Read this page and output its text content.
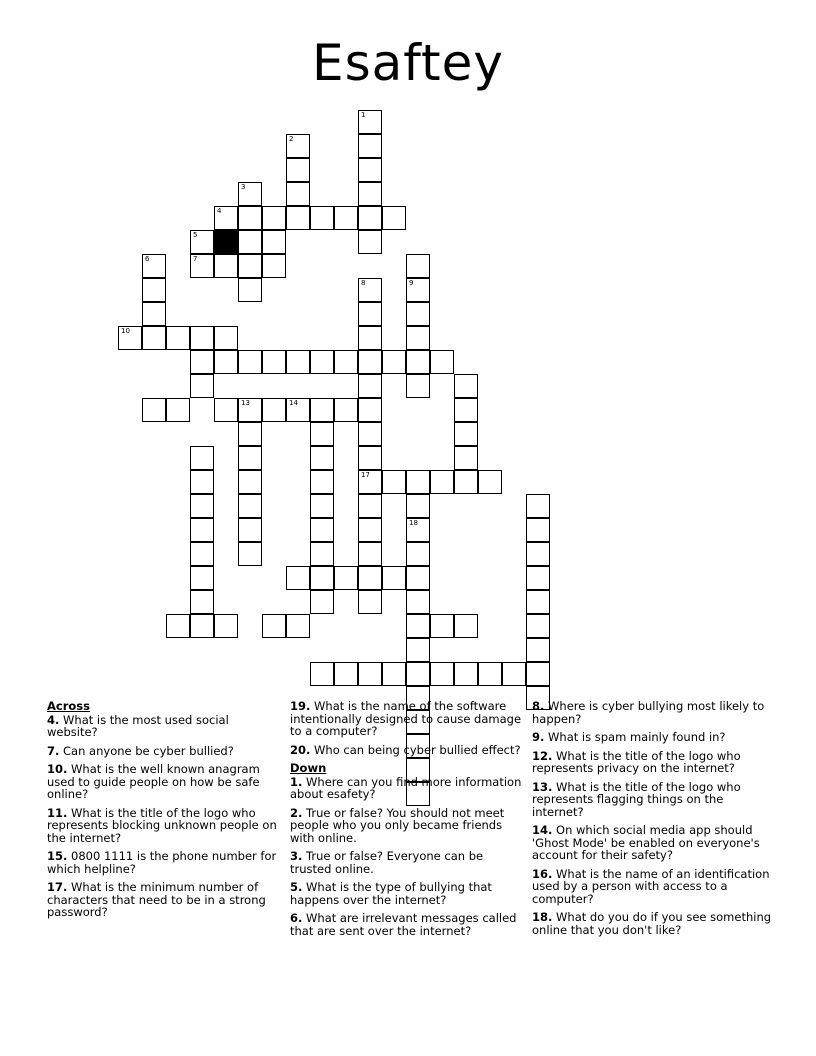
Esaftey
1
2
3
4
5
7
6
10
8
17
9
13	14
18
Across
4. What is the most used social website?
7. Can anyone be cyber bullied?
10. What is the well known anagram used to guide people on how be safe online?
11. What is the title of the logo who represents blocking unknown people on the internet?
15. 0800 1111 is the phone number for which helpline?
17. What is the minimum number of characters that need to be in a strong password?
19. What is the name of the software intentionally designed to cause damage to a computer?
20. Who can being cyber bullied effect?
Down
1. Where can you find more information about esafety?
2. True or false? You should not meet people who you only became friends with online.
3. True or false? Everyone can be trusted online.
5. What is the type of bullying that happens over the internet?
6. What are irrelevant messages called that are sent over the internet?
8. Where is cyber bullying most likely to happen?
9. What is spam mainly found in?
12. What is the title of the logo who represents privacy on the internet?
13. What is the title of the logo who represents flagging things on the internet?
14. On which social media app should 'Ghost Mode' be enabled on everyone's account for their safety?
16. What is the name of an identification used by a person with access to a computer?
18. What do you do if you see something online that you don't like?
